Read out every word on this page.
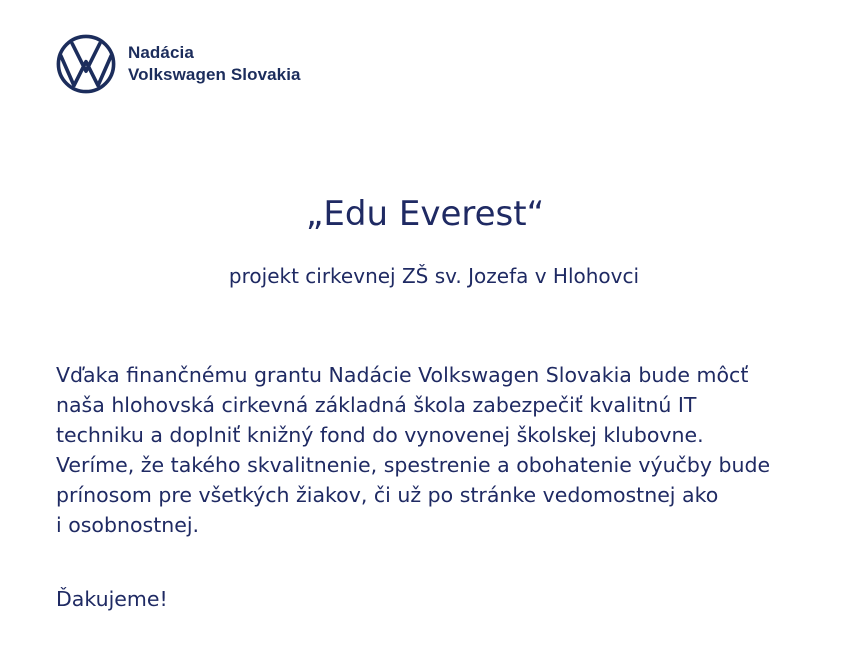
Nadácia
Volkswagen Slovakia
„Edu Everest“
projekt cirkevnej ZŠ sv. Jozefa v Hlohovci
Vďaka finančnému grantu Nadácie Volkswagen Slovakia bude môcť
naša hlohovská cirkevná základná škola zabezpečiť kvalitnú IT
techniku a doplniť knižný fond do vynovenej školskej klubovne.
Veríme, že takého skvalitnenie, spestrenie a obohatenie výučby bude
prínosom pre všetkých žiakov, či už po stránke vedomostnej ako
i osobnostnej.
Ďakujeme!
